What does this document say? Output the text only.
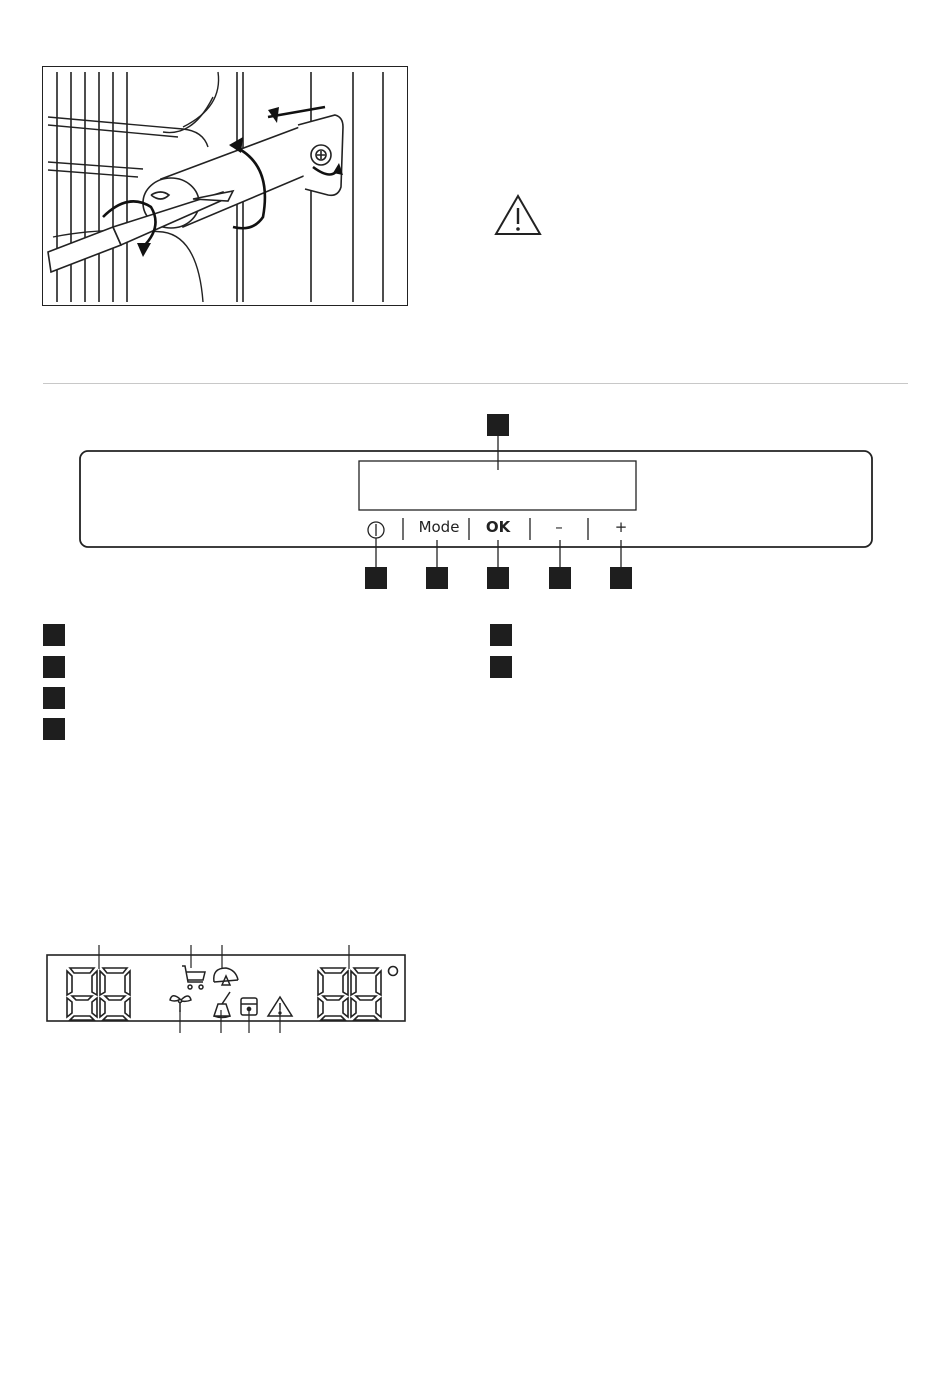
Mode OK	–	+
